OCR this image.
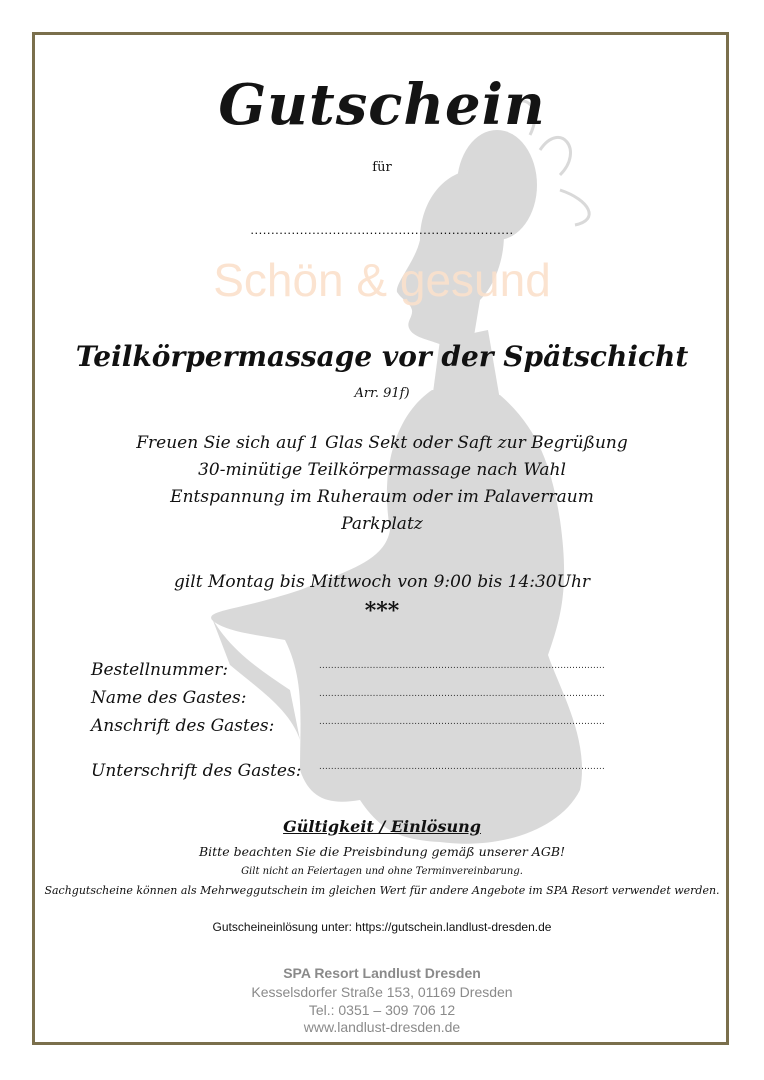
Gutschein
für
................................................................
Schön & gesund
Teilkörpermassage vor der Spätschicht
Arr. 91f)
Freuen Sie sich auf 1 Glas Sekt oder Saft zur Begrüßung
30-minütige Teilkörpermassage nach Wahl
Entspannung im Ruheraum oder im Palaverraum
Parkplatz
gilt Montag bis Mittwoch von 9:00 bis 14:30Uhr
***
Bestellnummer:	................................................................................................
Name des Gastes:	................................................................................................
Anschrift des Gastes:	................................................................................................
Unterschrift des Gastes: ................................................................................................
Gültigkeit / Einlösung
Bitte beachten Sie die Preisbindung gemäß unserer AGB!
Gilt nicht an Feiertagen und ohne Terminvereinbarung.
Sachgutscheine können als Mehrweggutschein im gleichen Wert für andere Angebote im SPA Resort verwendet werden.
Gutscheineinlösung unter: https://gutschein.landlust-dresden.de
SPA Resort Landlust Dresden
Kesselsdorfer Straße 153, 01169 Dresden
Tel.: 0351 – 309 706 12
www.landlust-dresden.de
